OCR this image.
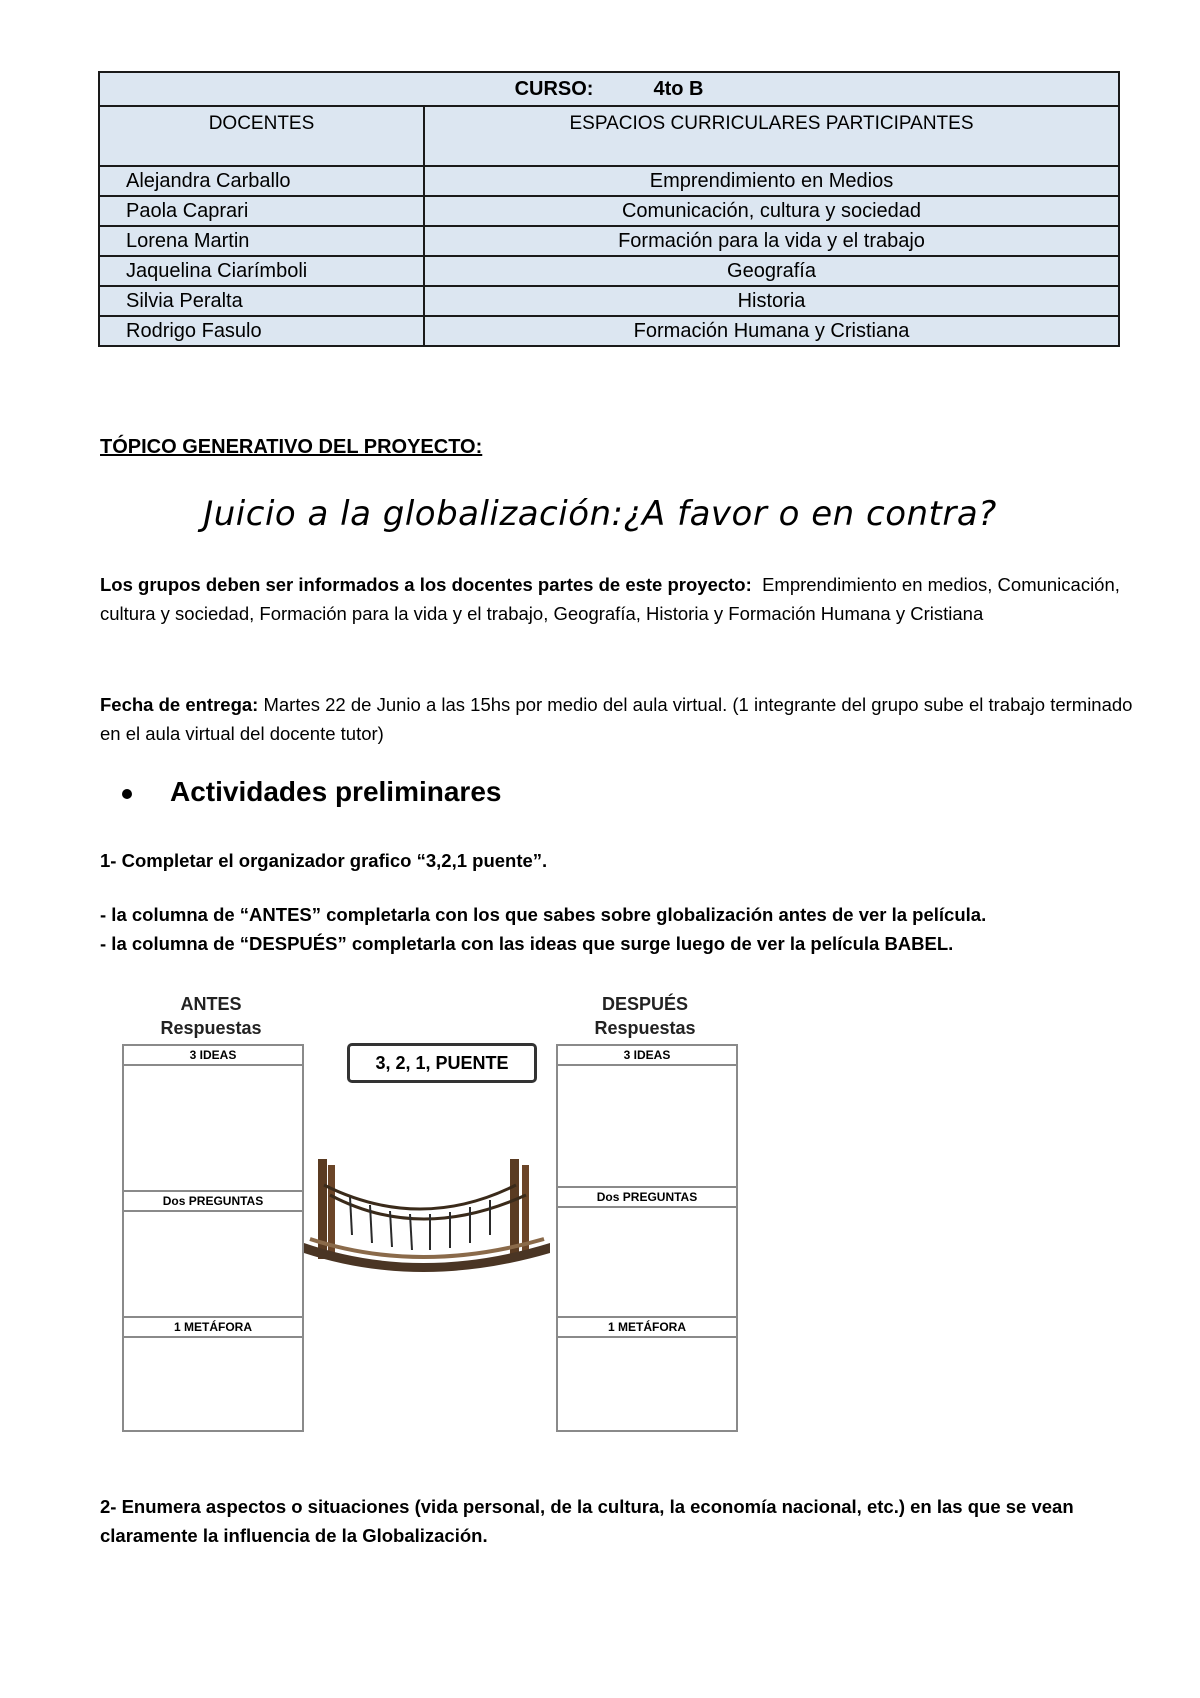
CURSO: 4to B	
DOCENTES	ESPACIOS CURRICULARES PARTICIPANTES
Alejandra Carballo	Emprendimiento en Medios
Paola Caprari	Comunicación, cultura y sociedad
Lorena Martin	Formación para la vida y el trabajo
Jaquelina Ciarímboli	Geografía
Silvia Peralta	Historia
Rodrigo Fasulo	Formación Humana y Cristiana
TÓPICO GENERATIVO DEL PROYECTO:
Juicio a la globalización:¿A favor o en contra?
Los grupos deben ser informados a los docentes partes de este proyecto: Emprendimiento en medios, Comunicación, cultura y sociedad, Formación para la vida y el trabajo, Geografía, Historia y Formación Humana y Cristiana
Fecha de entrega: Martes 22 de Junio a las 15hs por medio del aula virtual. (1 integrante del grupo sube el trabajo terminado en el aula virtual del docente tutor)
Actividades preliminares
1- Completar el organizador grafico “3,2,1 puente”.
- la columna de “ANTES” completarla con los que sabes sobre globalización antes de ver la película.
- la columna de “DESPUÉS” completarla con las ideas que surge luego de ver la película BABEL.
ANTES
Respuestas
3 IDEAS
Dos PREGUNTAS
1 METÁFORA
3, 2, 1, PUENTE
DESPUÉS
Respuestas
3 IDEAS
Dos PREGUNTAS
1 METÁFORA
2- Enumera aspectos o situaciones (vida personal, de la cultura, la economía nacional, etc.) en las que se vean claramente la influencia de la Globalización.
